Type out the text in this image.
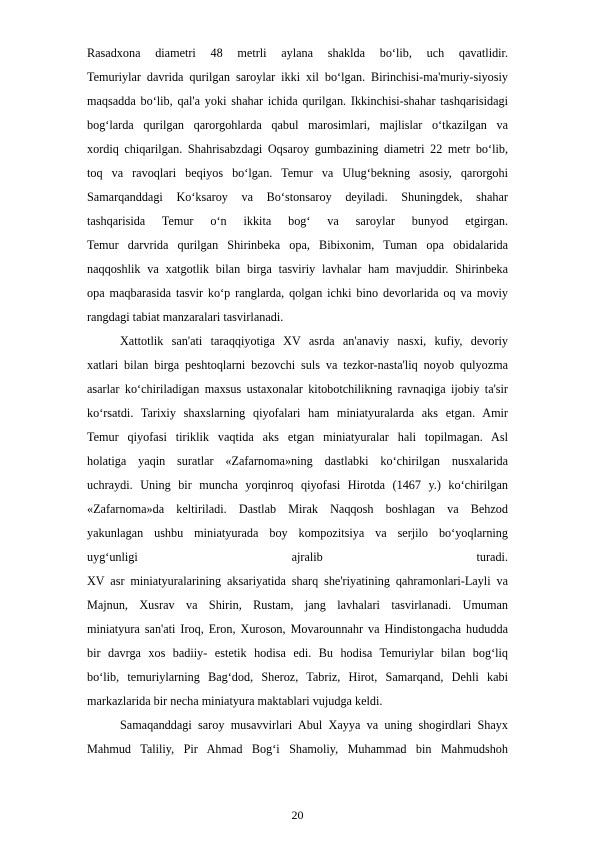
Rasadxona diametri 48 metrli aylana shaklda bo‘lib, uch qavatlidir.
Temuriylar davrida qurilgan saroylar ikki xil bo‘lgan. Birinchisi-ma'muriy-siyosiy
maqsadda bo‘lib, qal'a yoki shahar ichida qurilgan. Ikkinchisi-shahar tashqarisidagi
bog‘larda qurilgan qarorgohlarda qabul marosimlari, majlislar o‘tkazilgan va
xordiq chiqarilgan. Shahrisabzdagi Oqsaroy gumbazining diametri 22 metr bo‘lib,
toq va ravoqlari beqiyos bo‘lgan. Temur va Ulug‘bekning asosiy, qarorgohi
Samarqanddagi Ko‘ksaroy va Bo‘stonsaroy deyiladi. Shuningdek, shahar
tashqarisida Temur o‘n ikkita bog‘ va saroylar bunyod etgirgan.
Temur darvrida qurilgan Shirinbeka opa, Bibixonim, Tuman opa obidalarida
naqqoshlik va xatgotlik bilan birga tasviriy lavhalar ham mavjuddir. Shirinbeka
opa maqbarasida tasvir ko‘p ranglarda, qolgan ichki bino devorlarida oq va moviy
rangdagi tabiat manzaralari tasvirlanadi.
Xattotlik san'ati taraqqiyotiga XV asrda an'anaviy nasxi, kufiy, devoriy
xatlari bilan birga peshtoqlarni bezovchi suls va tezkor-nasta'liq noyob qulyozma
asarlar ko‘chiriladigan maxsus ustaxonalar kitobotchilikning ravnaqiga ijobiy ta'sir
ko‘rsatdi. Tarixiy shaxslarning qiyofalari ham miniatyuralarda aks etgan. Amir
Temur qiyofasi tiriklik vaqtida aks etgan miniatyuralar hali topilmagan. Asl
holatiga yaqin suratlar «Zafarnoma»ning dastlabki ko‘chirilgan nusxalarida
uchraydi. Uning bir muncha yorqinroq qiyofasi Hirotda (1467 y.) ko‘chirilgan
«Zafarnoma»da keltiriladi. Dastlab Mirak Naqqosh boshlagan va Behzod
yakunlagan ushbu miniatyurada boy kompozitsiya va serjilo bo‘yoqlarning
uyg‘unligi ajralib turadi.
XV asr miniatyuralarining aksariyatida sharq she'riyatining qahramonlari-Layli va
Majnun, Xusrav va Shirin, Rustam, jang lavhalari tasvirlanadi. Umuman
miniatyura san'ati Iroq, Eron, Xuroson, Movarounnahr va Hindistongacha hududda
bir davrga xos badiiy- estetik hodisa edi. Bu hodisa Temuriylar bilan bog‘liq
bo‘lib, temuriylarning Bag‘dod, Sheroz, Tabriz, Hirot, Samarqand, Dehli kabi
markazlarida bir necha miniatyura maktablari vujudga keldi.
Samaqanddagi saroy musavvirlari Abul Xayya va uning shogirdlari Shayx
Mahmud Taliliy, Pir Ahmad Bog‘i Shamoliy, Muhammad bin Mahmudshoh
20
